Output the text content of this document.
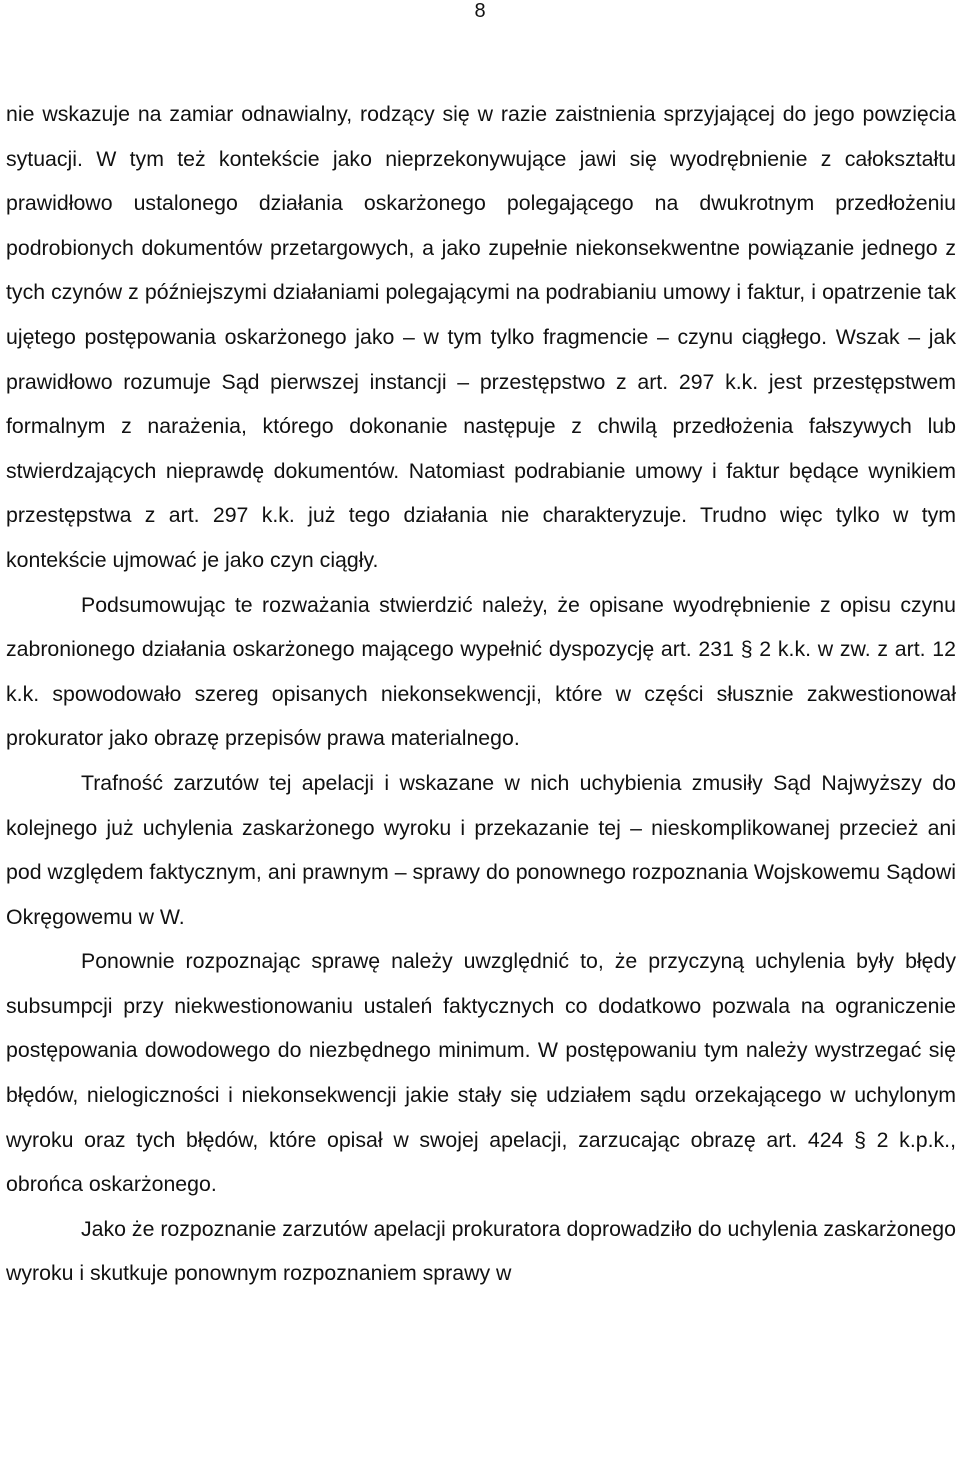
8

nie wskazuje na zamiar odnawialny, rodzący się w razie zaistnienia sprzyjającej do jego powzięcia sytuacji. W tym też kontekście jako nieprzekonywujące jawi się wyodrębnienie z całokształtu prawidłowo ustalonego działania oskarżonego polegającego na dwukrotnym przedłożeniu podrobionych dokumentów przetargowych, a jako zupełnie niekonsekwentne powiązanie jednego z tych czynów z późniejszymi działaniami polegającymi na podrabianiu umowy i faktur, i opatrzenie tak ujętego postępowania oskarżonego jako – w tym tylko fragmencie – czynu ciągłego. Wszak – jak prawidłowo rozumuje Sąd pierwszej instancji – przestępstwo z art. 297 k.k. jest przestępstwem formalnym z narażenia, którego dokonanie następuje z chwilą przedłożenia fałszywych lub stwierdzających nieprawdę dokumentów. Natomiast podrabianie umowy i faktur będące wynikiem przestępstwa z art. 297 k.k. już tego działania nie charakteryzuje. Trudno więc tylko w tym kontekście ujmować je jako czyn ciągły.

Podsumowując te rozważania stwierdzić należy, że opisane wyodrębnienie z opisu czynu zabronionego działania oskarżonego mającego wypełnić dyspozycję art. 231 § 2 k.k. w zw. z art. 12 k.k. spowodowało szereg opisanych niekonsekwencji, które w części słusznie zakwestionował prokurator jako obrazę przepisów prawa materialnego.

Trafność zarzutów tej apelacji i wskazane w nich uchybienia zmusiły Sąd Najwyższy do kolejnego już uchylenia zaskarżonego wyroku i przekazanie tej – nieskomplikowanej przecież ani pod względem faktycznym, ani prawnym – sprawy do ponownego rozpoznania Wojskowemu Sądowi Okręgowemu w W.

Ponownie rozpoznając sprawę należy uwzględnić to, że przyczyną uchylenia były błędy subsumpcji przy niekwestionowaniu ustaleń faktycznych co dodatkowo pozwala na ograniczenie postępowania dowodowego do niezbędnego minimum. W postępowaniu tym należy wystrzegać się błędów, nielogiczności i niekonsekwencji jakie stały się udziałem sądu orzekającego w uchylonym wyroku oraz tych błędów, które opisał w swojej apelacji, zarzucając obrazę art. 424 § 2 k.p.k., obrońca oskarżonego.

Jako że rozpoznanie zarzutów apelacji prokuratora doprowadziło do uchylenia zaskarżonego wyroku i skutkuje ponownym rozpoznaniem sprawy w
